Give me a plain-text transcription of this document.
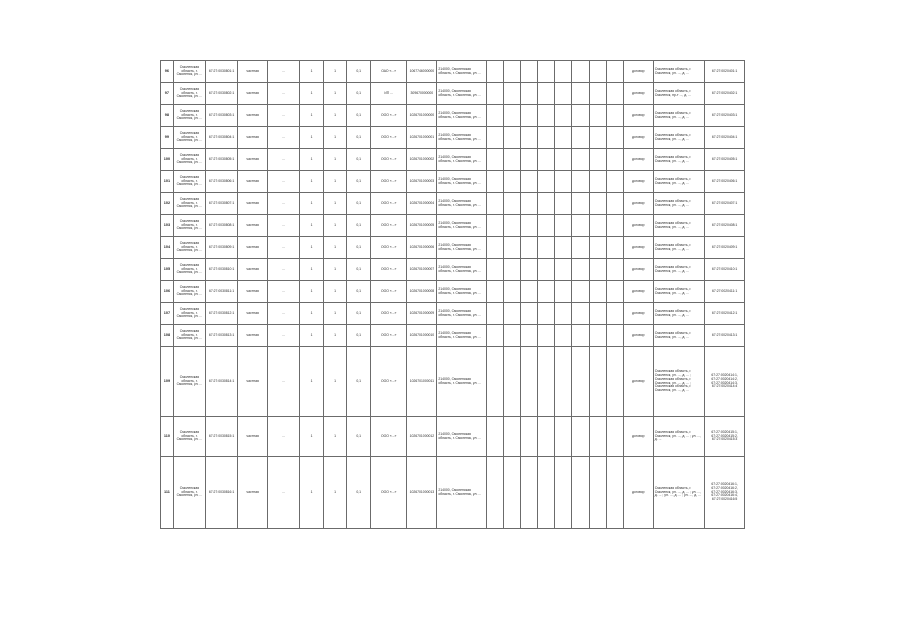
96	Смоленская область, г. Смоленск, ул. ...	67:27:0030801:1	частная	...	1	1	0,1	ОАО «...»	1067746000000	214000, Смоленская область, г. Смоленск, ул. ...									договор	Смоленская область, г. Смоленск, ул. ..., д. ...	67:27:0020401:1
97	Смоленская область, г. Смоленск, ул. ...	67:27:0030802:1	частная	...	1	1	0,1	ИП ...	309670000000	214000, Смоленская область, г. Смоленск, ул. ...									договор	Смоленская область, г. Смоленск, пр-т ..., д. ...	67:27:0020402:1
98	Смоленская область, г. Смоленск, ул. ...	67:27:0030803:1	частная	...	1	1	0,1	ООО «...»	1026701000000	214000, Смоленская область, г. Смоленск, ул. ...									договор	Смоленская область, г. Смоленск, ул. ..., д. ...	67:27:0020403:1
99	Смоленская область, г. Смоленск, ул. ...	67:27:0030804:1	частная	...	1	1	0,1	ООО «...»	1026701000001	214000, Смоленская область, г. Смоленск, ул. ...									договор	Смоленская область, г. Смоленск, ул. ..., д. ...	67:27:0020404:1
100	Смоленская область, г. Смоленск, ул. ...	67:27:0030805:1	частная	...	1	1	0,1	ООО «...»	1026701000002	214000, Смоленская область, г. Смоленск, ул. ...									договор	Смоленская область, г. Смоленск, ул. ..., д. ...	67:27:0020405:1
101	Смоленская область, г. Смоленск, ул. ...	67:27:0030806:1	частная	...	1	1	0,1	ООО «...»	1026701000003	214000, Смоленская область, г. Смоленск, ул. ...									договор	Смоленская область, г. Смоленск, ул. ..., д. ...	67:27:0020406:1
102	Смоленская область, г. Смоленск, ул. ...	67:27:0030807:1	частная	...	1	1	0,1	ООО «...»	1026701000004	214000, Смоленская область, г. Смоленск, ул. ...									договор	Смоленская область, г. Смоленск, ул. ..., д. ...	67:27:0020407:1
103	Смоленская область, г. Смоленск, ул. ...	67:27:0030808:1	частная	...	1	1	0,1	ООО «...»	1026701000005	214000, Смоленская область, г. Смоленск, ул. ...									договор	Смоленская область, г. Смоленск, ул. ..., д. ...	67:27:0020408:1
104	Смоленская область, г. Смоленск, ул. ...	67:27:0030809:1	частная	...	1	1	0,1	ООО «...»	1026701000006	214000, Смоленская область, г. Смоленск, ул. ...									договор	Смоленская область, г. Смоленск, ул. ..., д. ...	67:27:0020409:1
105	Смоленская область, г. Смоленск, ул. ...	67:27:0030810:1	частная	...	1	1	0,1	ООО «...»	1026701000007	214000, Смоленская область, г. Смоленск, ул. ...									договор	Смоленская область, г. Смоленск, ул. ..., д. ...	67:27:0020410:1
106	Смоленская область, г. Смоленск, ул. ...	67:27:0030811:1	частная	...	1	1	0,1	ООО «...»	1026701000008	214000, Смоленская область, г. Смоленск, ул. ...									договор	Смоленская область, г. Смоленск, ул. ..., д. ...	67:27:0020411:1
107	Смоленская область, г. Смоленск, ул. ...	67:27:0030812:1	частная	...	1	1	0,1	ООО «...»	1026701000009	214000, Смоленская область, г. Смоленск, ул. ...									договор	Смоленская область, г. Смоленск, ул. ..., д. ...	67:27:0020412:1
108	Смоленская область, г. Смоленск, ул. ...	67:27:0030813:1	частная	...	1	1	0,1	ООО «...»	1026701000010	214000, Смоленская область, г. Смоленск, ул. ...									договор	Смоленская область, г. Смоленск, ул. ..., д. ...	67:27:0020413:1
109	Смоленская область, г. Смоленск, ул. ...	67:27:0030814:1	частная	...	1	1	0,1	ООО «...»	1026701000011	214000, Смоленская область, г. Смоленск, ул. ...									договор	Смоленская область, г. Смоленск, ул. ..., д. ... ; Смоленская область, г. Смоленск, ул. ..., д. ... ; Смоленская область, г. Смоленск, ул. ..., д. ...	67:27:0020414:1, 67:27:0020414:2, 67:27:0020414:3, 67:27:0020414:4
110	Смоленская область, г. Смоленск, ул. ...	67:27:0030815:1	частная	...	1	1	0,1	ООО «...»	1026701000012	214000, Смоленская область, г. Смоленск, ул. ...									договор	Смоленская область, г. Смоленск, ул. ..., д. ... ; ул. ..., д. ...	67:27:0020415:1, 67:27:0020415:2, 67:27:0020415:3
111	Смоленская область, г. Смоленск, ул. ...	67:27:0030816:1	частная	...	1	1	0,1	ООО «...»	1026701000013	214000, Смоленская область, г. Смоленск, ул. ...									договор	Смоленская область, г. Смоленск, ул. ..., д. ... ; ул. ..., д. ... ; ул. ..., д. ... ; ул. ..., д. ...	67:27:0020416:1, 67:27:0020416:2, 67:27:0020416:3, 67:27:0020416:4, 67:27:0020416:5
